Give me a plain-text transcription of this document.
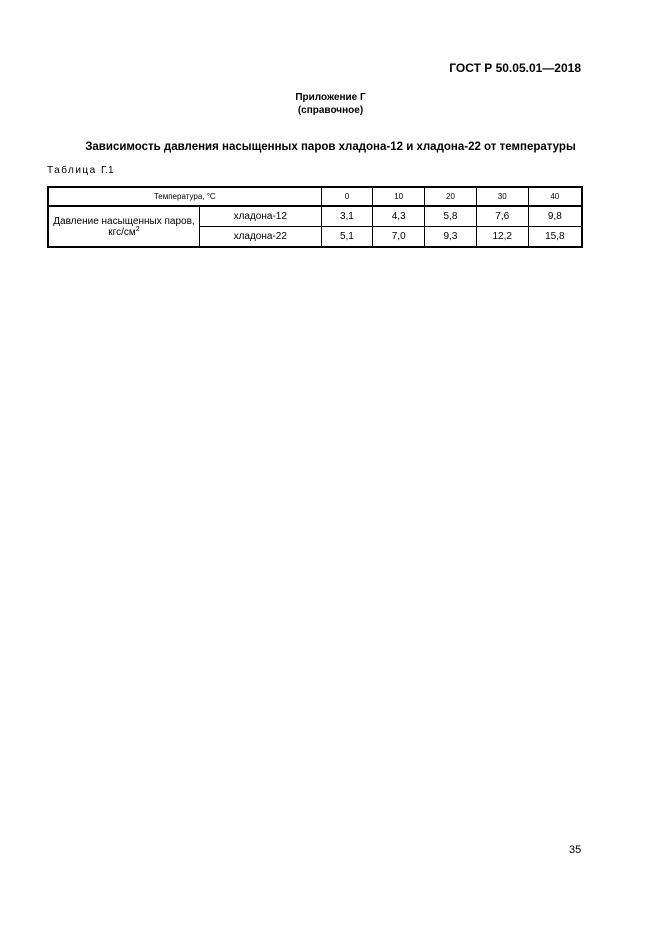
ГОСТ Р 50.05.01—2018
Приложение Г
(справочное)
Зависимость давления насыщенных паров хладона-12 и хладона-22 от температуры
Таблица Г.1
Температура, °С		0	10	20	30	40
Давление насыщенных паров, кгс/$см^2$	хладона-12	3,1	4,3	5,8	7,6	9,8
	хладона-22	5,1	7,0	9,3	12,2	15,8
35
